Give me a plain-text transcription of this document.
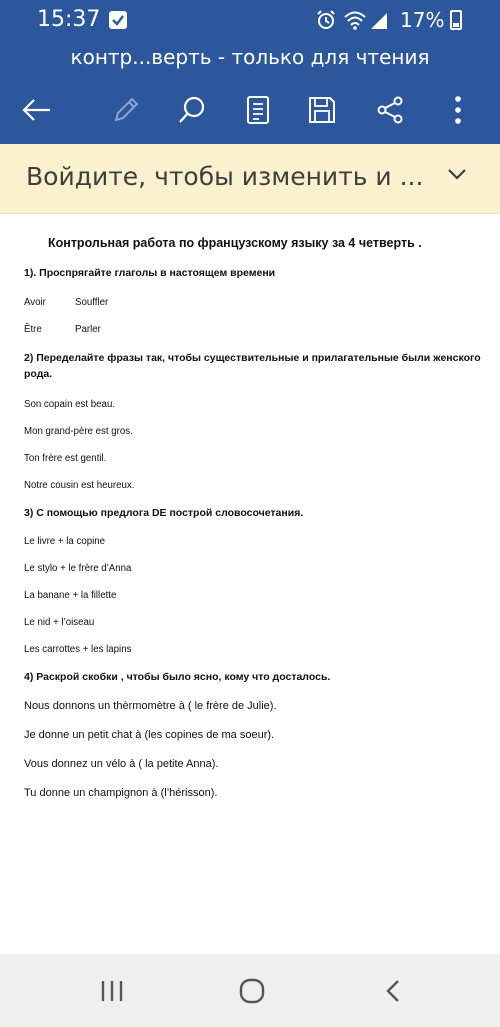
15:37	17%
контр...верть - только для чтения
Войдите, чтобы изменить и ...

Контрольная работа по французскому языку за 4 четверть .

1). Проспрягайте глаголы в настоящем времени

Avoir	Souffler

Être	Parler

2) Переделайте фразы так, чтобы существительные и прилагательные были женского рода.

Son copain est beau.

Mon grand-père est gros.

Ton frère est gentil.

Notre cousin est heureux.

3) С помощью предлога DE построй словосочетания.

Le livre + la copine

Le stylo + le frère d’Anna

La banane + la fillette

Le nid + l’oiseau

Les carrottes + les lapins

4) Раскрой скобки , чтобы было ясно, кому что досталось.

Nous donnons un thèrmomètre à ( le frère de Julie).

Je donne un petit chat à (les copines de ma soeur).

Vous donnez un vélo à ( la petite Anna).

Tu donne un champignon à (l’hérisson).
